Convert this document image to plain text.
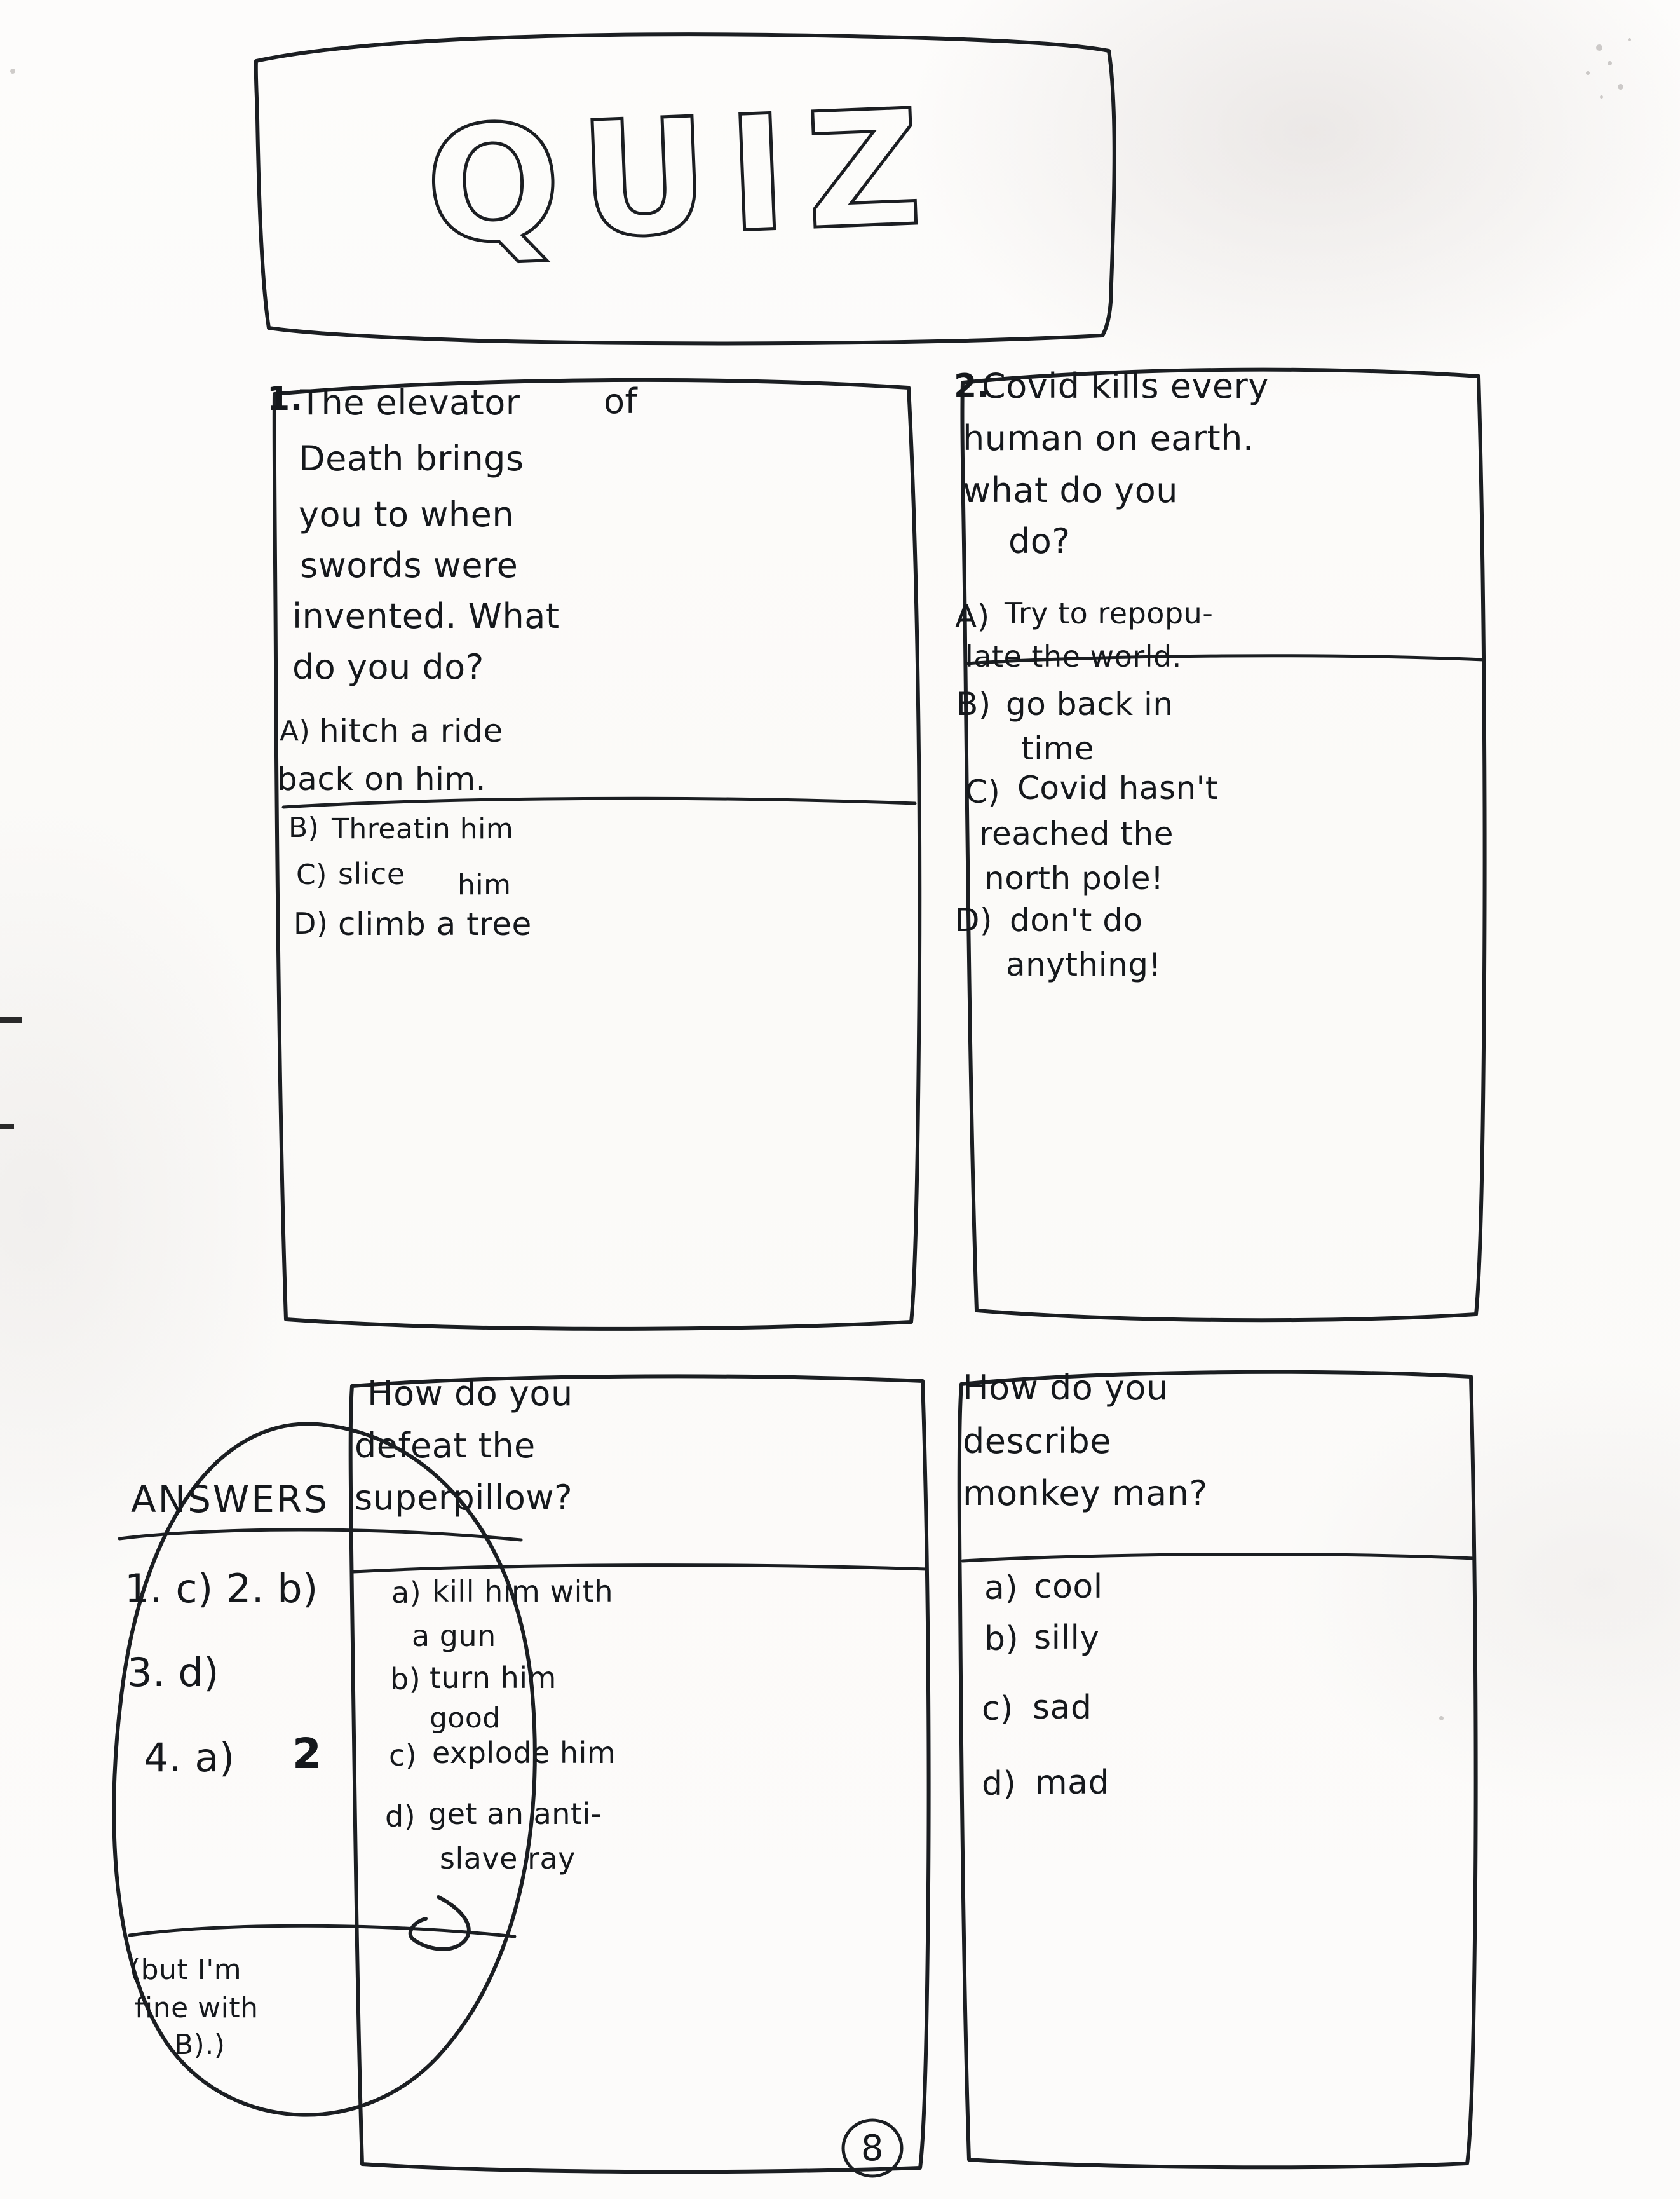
QUIZ
1.
The elevator of
Death brings
you to when
swords were
invented. What
do you do?
A) hitch a ride
back on him.
B) Threatin him
C) slice him
D) climb a tree
2.
Covid kills every
human on earth.
what do you
do?
A) Try to repopu-
late the world.
B) go back in
time
C) Covid hasn't
reached the
north pole!
D) don't do
anything!
How do you
defeat the
superpillow?
a) kill him with
a gun
b) turn him
good
c) explode him
d) get an anti-
slave ray
How do you
describe
monkey man?
a) cool
b) silly
c) sad
d) mad
ANSWERS
1. c) 2. b)
3. d)
4. a) 2
(but I'm
fine with
B).)
8
